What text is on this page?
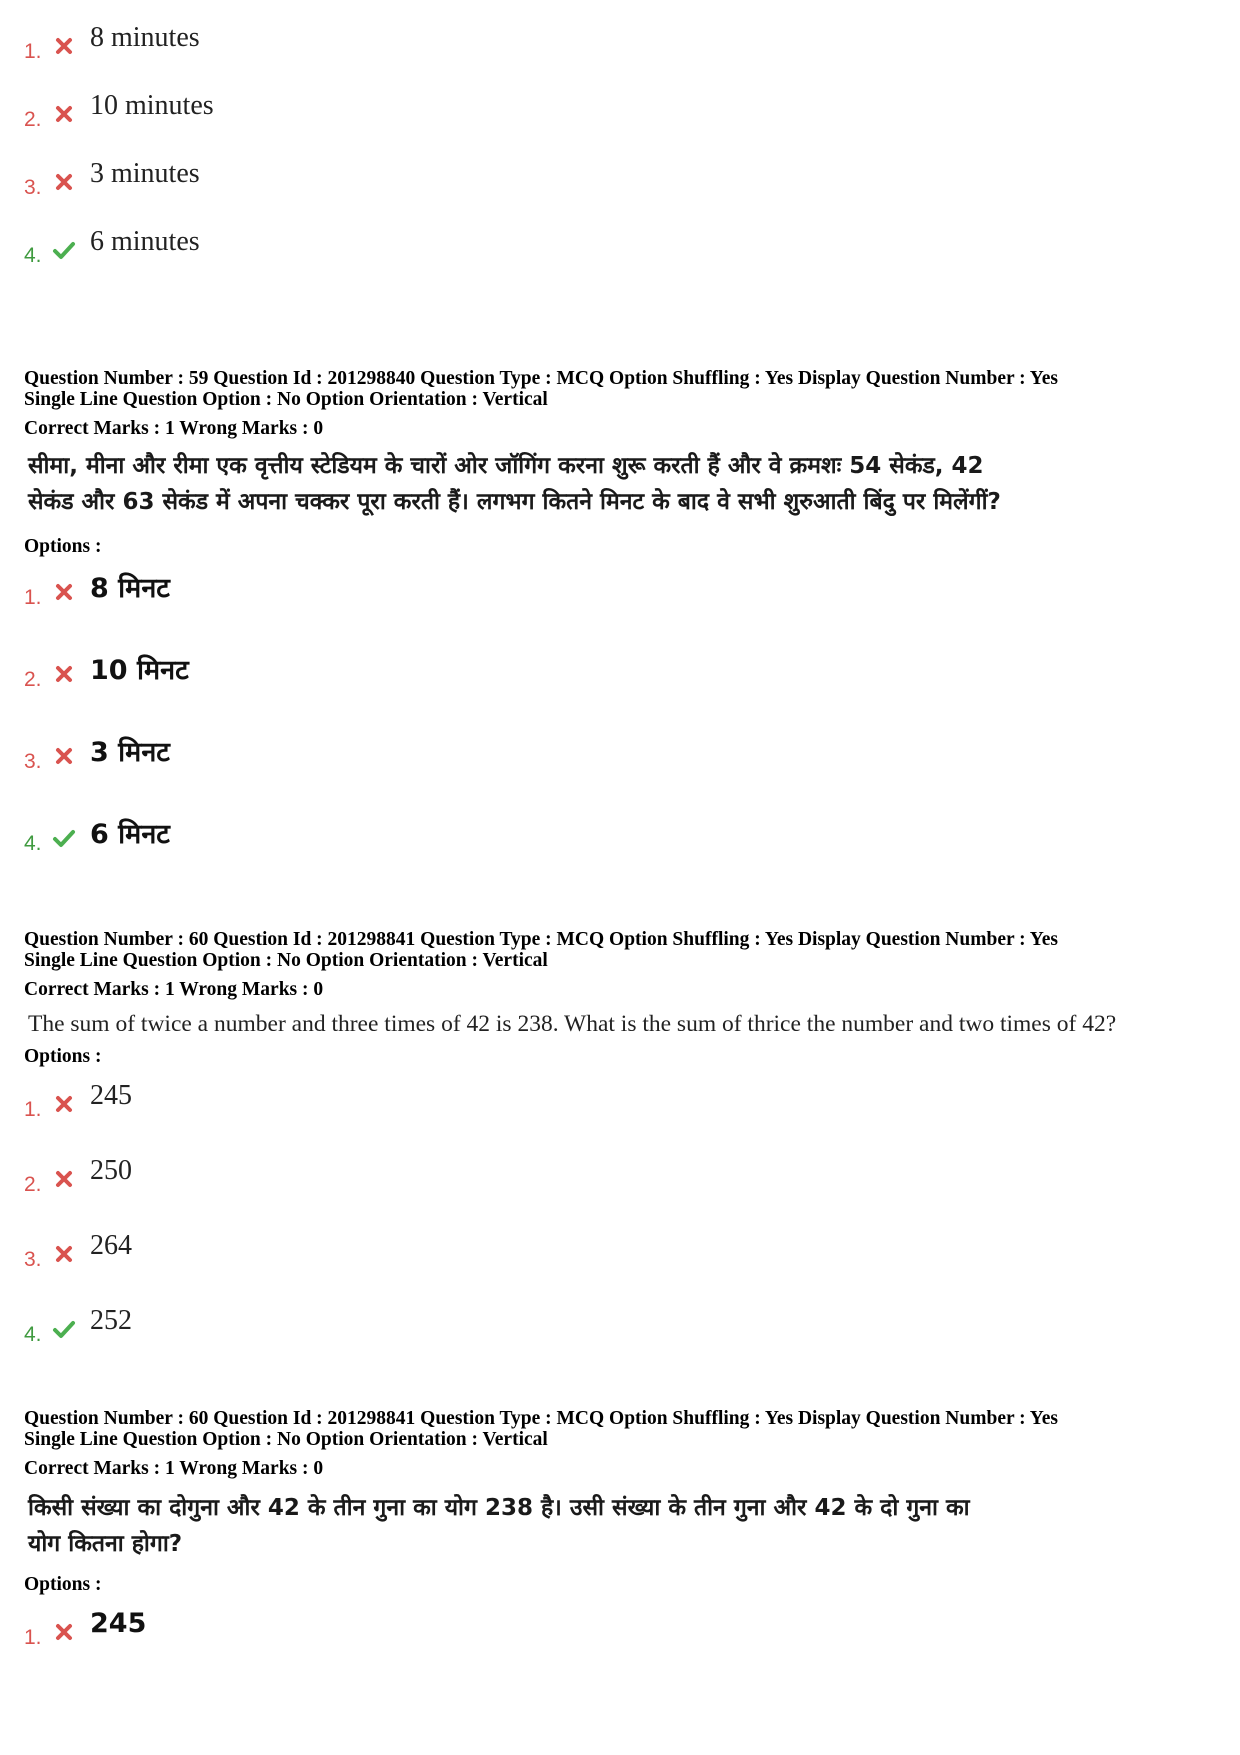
1. 8 minutes
2. 10 minutes
3. 3 minutes
4. 6 minutes
Question Number : 59 Question Id : 201298840 Question Type : MCQ Option Shuffling : Yes Display Question Number : Yes
Single Line Question Option : No Option Orientation : Vertical
Correct Marks : 1 Wrong Marks : 0
सीमा, मीना और रीमा एक वृत्तीय स्टेडियम के चारों ओर जॉगिंग करना शुरू करती हैं और वे क्रमशः 54 सेकंड, 42
सेकंड और 63 सेकंड में अपना चक्कर पूरा करती हैं। लगभग कितने मिनट के बाद वे सभी शुरुआती बिंदु पर मिलेंगीं?
Options :
1. 8 मिनट
2. 10 मिनट
3. 3 मिनट
4. 6 मिनट
Question Number : 60 Question Id : 201298841 Question Type : MCQ Option Shuffling : Yes Display Question Number : Yes
Single Line Question Option : No Option Orientation : Vertical
Correct Marks : 1 Wrong Marks : 0
The sum of twice a number and three times of 42 is 238. What is the sum of thrice the number and two times of 42?
Options :
1. 245
2. 250
3. 264
4. 252
Question Number : 60 Question Id : 201298841 Question Type : MCQ Option Shuffling : Yes Display Question Number : Yes
Single Line Question Option : No Option Orientation : Vertical
Correct Marks : 1 Wrong Marks : 0
किसी संख्या का दोगुना और 42 के तीन गुना का योग 238 है। उसी संख्या के तीन गुना और 42 के दो गुना का
योग कितना होगा?
Options :
1. 245
